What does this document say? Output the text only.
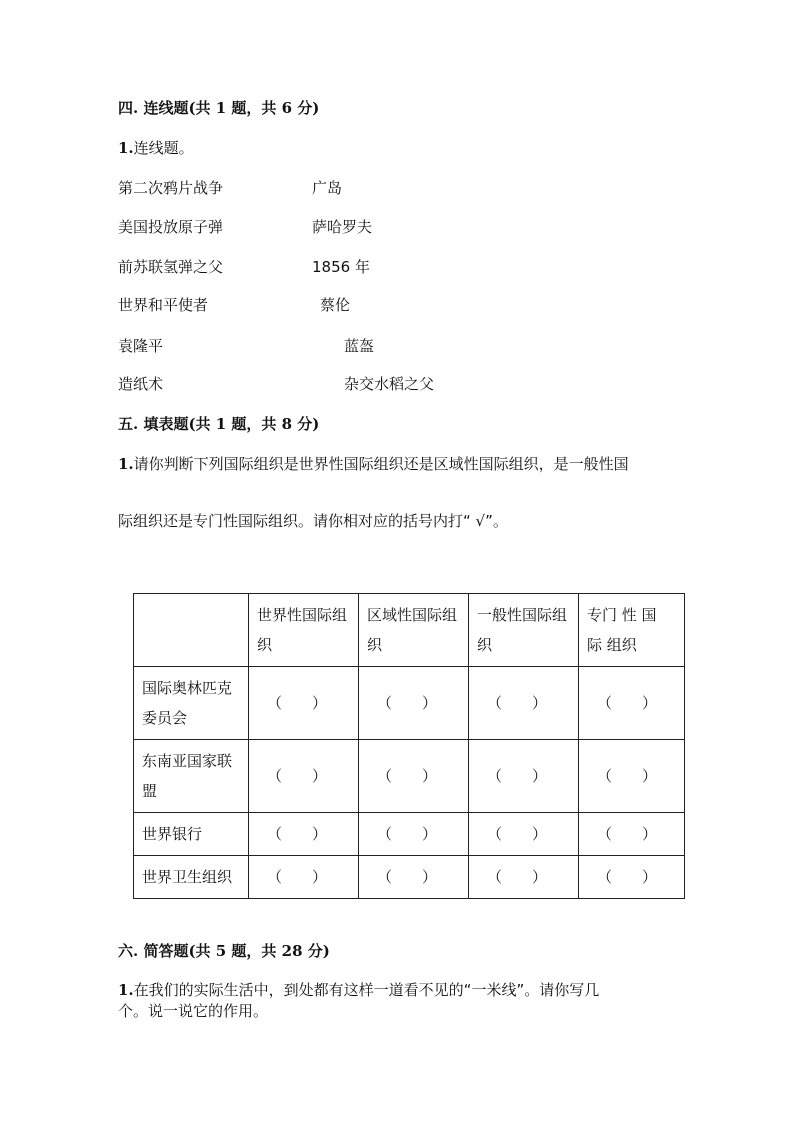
四. 连线题(共 1 题，共 6 分)
1.连线题。
第二次鸦片战争	广岛
美国投放原子弹	萨哈罗夫
前苏联氢弹之父	1856 年
世界和平使者	蔡伦
袁隆平	蓝盔
造纸术	杂交水稻之父
五. 填表题(共 1 题，共 8 分)
1.请你判断下列国际组织是世界性国际组织还是区域性国际组织，是一般性国
际组织还是专门性国际组织。请你相对应的括号内打“ √”。
	世界性国际组织	区域性国际组织	一般性国际组织	专门 性 国 际 组织
国际奥林匹克委员会	（　　）	（　　）	（　　）	（　　）
东南亚国家联盟	（　　）	（　　）	（　　）	（　　）
世界银行	（　　）	（　　）	（　　）	（　　）
世界卫生组织	（　　）	（　　）	（　　）	（　　）
六. 简答题(共 5 题，共 28 分)
1.在我们的实际生活中，到处都有这样一道看不见的“一米线”。请你写几
个。说一说它的作用。
